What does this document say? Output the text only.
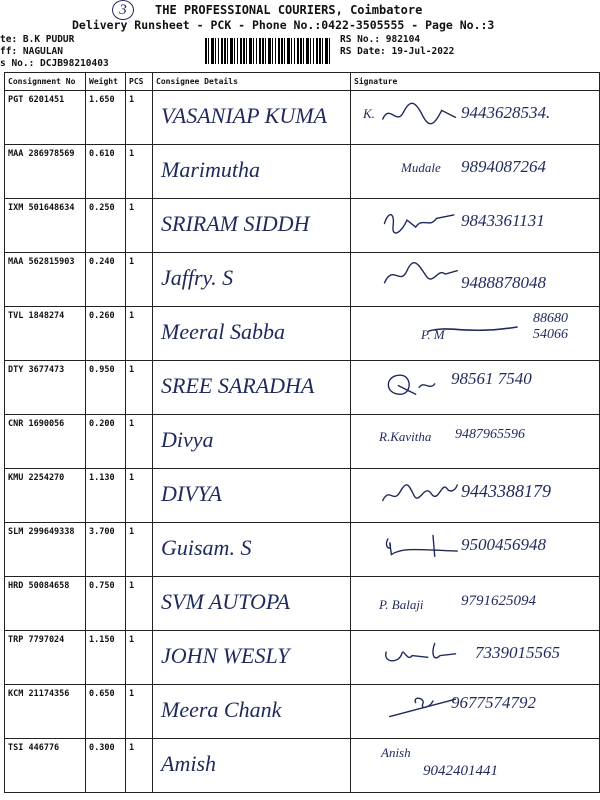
3	THE PROFESSIONAL COURIERS, Coimbatore
Delivery Runsheet - PCK - Phone No.:0422-3505555 - Page No.:3
te: B.K PUDUR
ff: NAGULAN
s No.: DCJB98210403
RS No.: 982104
RS Date: 19-Jul-2022
Consignment No	Weight	PCS	Consignee Details	Signature
PGT 6201451	1.650	1	VASANIAP KUMA	K. 9443628534.

MAA 286978569	0.610	1	Marimutha	Mudale 9894087264

IXM 501648634	0.250	1	SRIRAM SIDDH	9843361131

MAA 562815903	0.240	1	Jaffry. S	9488878048

TVL 1848274	0.260	1	Meeral Sabba	P. M
88680
54066

DTY 3677473	0.950	1	SREE SARADHA	98561 7540

CNR 1690056	0.200	1	Divya	R.Kavitha 9487965596

KMU 2254270	1.130	1	DIVYA	9443388179

SLM 299649338	3.700	1	Guisam. S	9500456948

HRD 50084658	0.750	1	SVM AUTOPA	P. Balaji 9791625094

TRP 7797024	1.150	1	JOHN WESLY	7339015565

KCM 21174356	0.650	1	Meera Chank	9677574792

TSI 446776	0.300	1	Amish	Anish
9042401441
